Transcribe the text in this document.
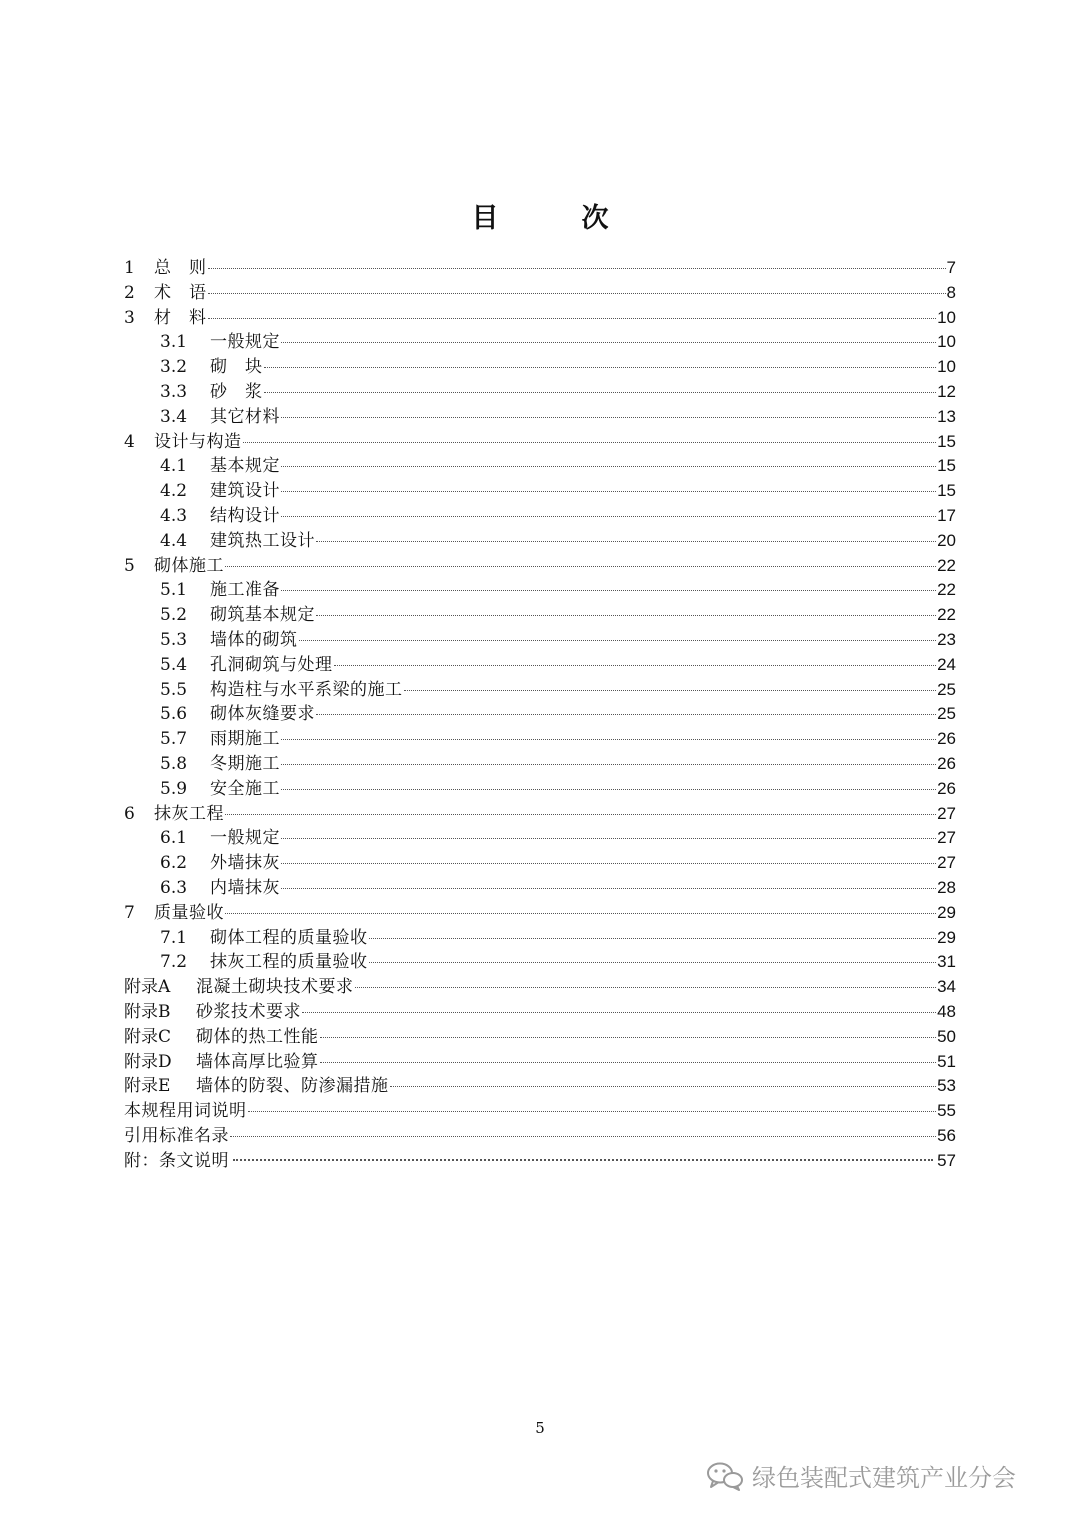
目　次
1	总　则	7
2	术　语	8
3	材　料	10
3.1	一般规定	10
3.2	砌　块	10
3.3	砂　浆	12
3.4	其它材料	13
4	设计与构造	15
4.1	基本规定	15
4.2	建筑设计	15
4.3	结构设计	17
4.4	建筑热工设计	20
5	砌体施工	22
5.1	施工准备	22
5.2	砌筑基本规定	22
5.3	墙体的砌筑	23
5.4	孔洞砌筑与处理	24
5.5	构造柱与水平系梁的施工	25
5.6	砌体灰缝要求	25
5.7	雨期施工	26
5.8	冬期施工	26
5.9	安全施工	26
6	抹灰工程	27
6.1	一般规定	27
6.2	外墙抹灰	27
6.3	内墙抹灰	28
7	质量验收	29
7.1	砌体工程的质量验收	29
7.2	抹灰工程的质量验收	31
附录A	混凝土砌块技术要求	34
附录B	砂浆技术要求	48
附录C	砌体的热工性能	50
附录D	墙体高厚比验算	51
附录E	墙体的防裂、防渗漏措施	53
本规程用词说明	55
引用标准名录	56
附：条文说明	57
5
绿色装配式建筑产业分会
